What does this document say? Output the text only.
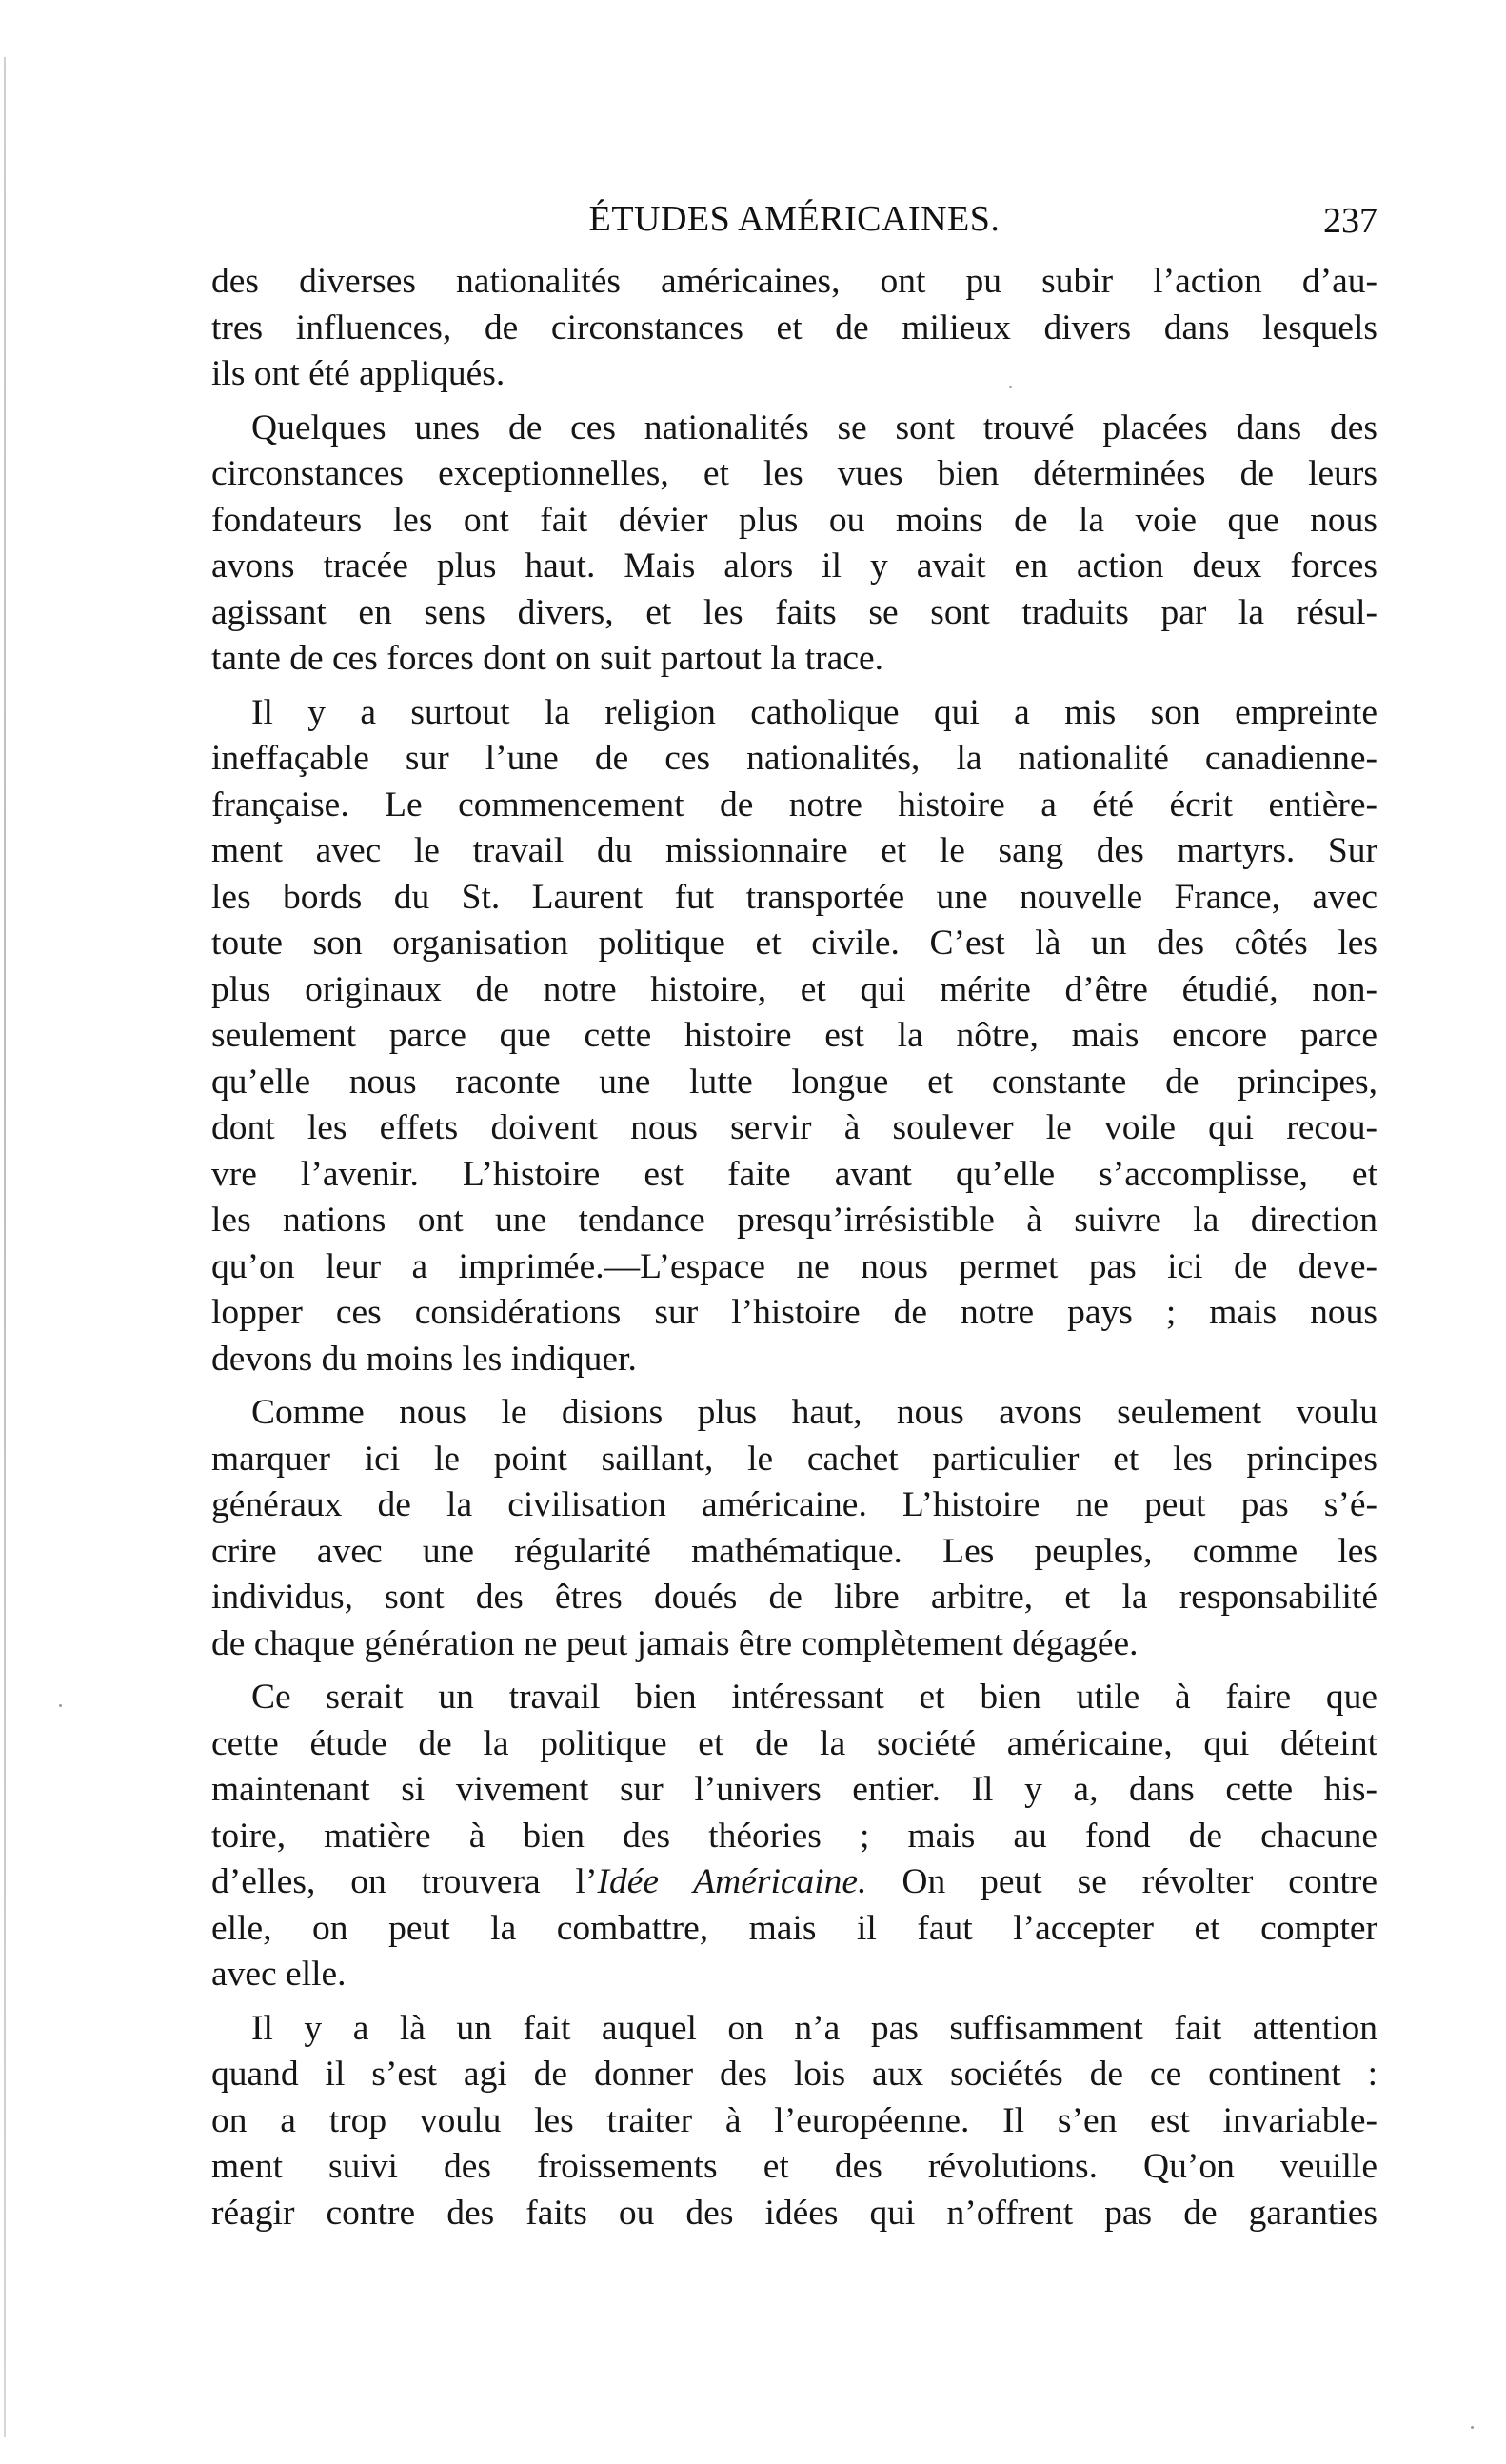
ÉTUDES AMÉRICAINES.	237
des diverses nationalités américaines, ont pu subir l’action d’au-
tres influences, de circonstances et de milieux divers dans lesquels
ils ont été appliqués.
Quelques unes de ces nationalités se sont trouvé placées dans des
circonstances exceptionnelles, et les vues bien déterminées de leurs
fondateurs les ont fait dévier plus ou moins de la voie que nous
avons tracée plus haut. Mais alors il y avait en action deux forces
agissant en sens divers, et les faits se sont traduits par la résul-
tante de ces forces dont on suit partout la trace.
Il y a surtout la religion catholique qui a mis son empreinte
ineffaçable sur l’une de ces nationalités, la nationalité canadienne-
française. Le commencement de notre histoire a été écrit entière-
ment avec le travail du missionnaire et le sang des martyrs. Sur
les bords du St. Laurent fut transportée une nouvelle France, avec
toute son organisation politique et civile. C’est là un des côtés les
plus originaux de notre histoire, et qui mérite d’être étudié, non-
seulement parce que cette histoire est la nôtre, mais encore parce
qu’elle nous raconte une lutte longue et constante de principes,
dont les effets doivent nous servir à soulever le voile qui recou-
vre l’avenir. L’histoire est faite avant qu’elle s’accomplisse, et
les nations ont une tendance presqu’irrésistible à suivre la direction
qu’on leur a imprimée.—L’espace ne nous permet pas ici de deve-
lopper ces considérations sur l’histoire de notre pays ; mais nous
devons du moins les indiquer.
Comme nous le disions plus haut, nous avons seulement voulu
marquer ici le point saillant, le cachet particulier et les principes
généraux de la civilisation américaine. L’histoire ne peut pas s’é-
crire avec une régularité mathématique. Les peuples, comme les
individus, sont des êtres doués de libre arbitre, et la responsabilité
de chaque génération ne peut jamais être complètement dégagée.
Ce serait un travail bien intéressant et bien utile à faire que
cette étude de la politique et de la société américaine, qui déteint
maintenant si vivement sur l’univers entier. Il y a, dans cette his-
toire, matière à bien des théories ; mais au fond de chacune
d’elles, on trouvera l’Idée Américaine. On peut se révolter contre
elle, on peut la combattre, mais il faut l’accepter et compter
avec elle.
Il y a là un fait auquel on n’a pas suffisamment fait attention
quand il s’est agi de donner des lois aux sociétés de ce continent :
on a trop voulu les traiter à l’européenne. Il s’en est invariable-
ment suivi des froissements et des révolutions. Qu’on veuille
réagir contre des faits ou des idées qui n’offrent pas de garanties
